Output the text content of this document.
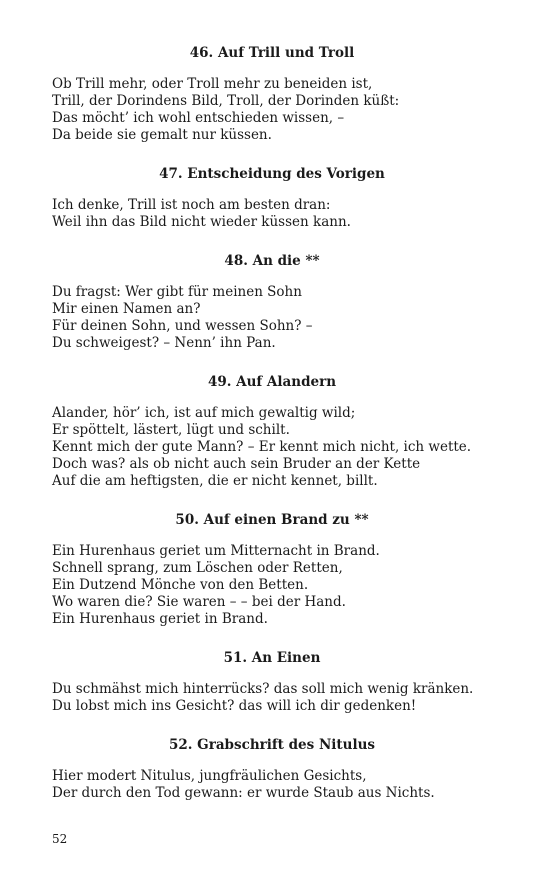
46. Auf Trill und Troll
Ob Trill mehr, oder Troll mehr zu beneiden ist,
Trill, der Dorindens Bild, Troll, der Dorinden küßt:
Das möcht’ ich wohl entschieden wissen, –
Da beide sie gemalt nur küssen.
47. Entscheidung des Vorigen
Ich denke, Trill ist noch am besten dran:
Weil ihn das Bild nicht wieder küssen kann.
48. An die **
Du fragst: Wer gibt für meinen Sohn
Mir einen Namen an?
Für deinen Sohn, und wessen Sohn? –
Du schweigest? – Nenn’ ihn Pan.
49. Auf Alandern
Alander, hör’ ich, ist auf mich gewaltig wild;
Er spöttelt, lästert, lügt und schilt.
Kennt mich der gute Mann? – Er kennt mich nicht, ich wette.
Doch was? als ob nicht auch sein Bruder an der Kette
Auf die am heftigsten, die er nicht kennet, billt.
50. Auf einen Brand zu **
Ein Hurenhaus geriet um Mitternacht in Brand.
Schnell sprang, zum Löschen oder Retten,
Ein Dutzend Mönche von den Betten.
Wo waren die? Sie waren – – bei der Hand.
Ein Hurenhaus geriet in Brand.
51. An Einen
Du schmähst mich hinterrücks? das soll mich wenig kränken.
Du lobst mich ins Gesicht? das will ich dir gedenken!
52. Grabschrift des Nitulus
Hier modert Nitulus, jungfräulichen Gesichts,
Der durch den Tod gewann: er wurde Staub aus Nichts.
52
